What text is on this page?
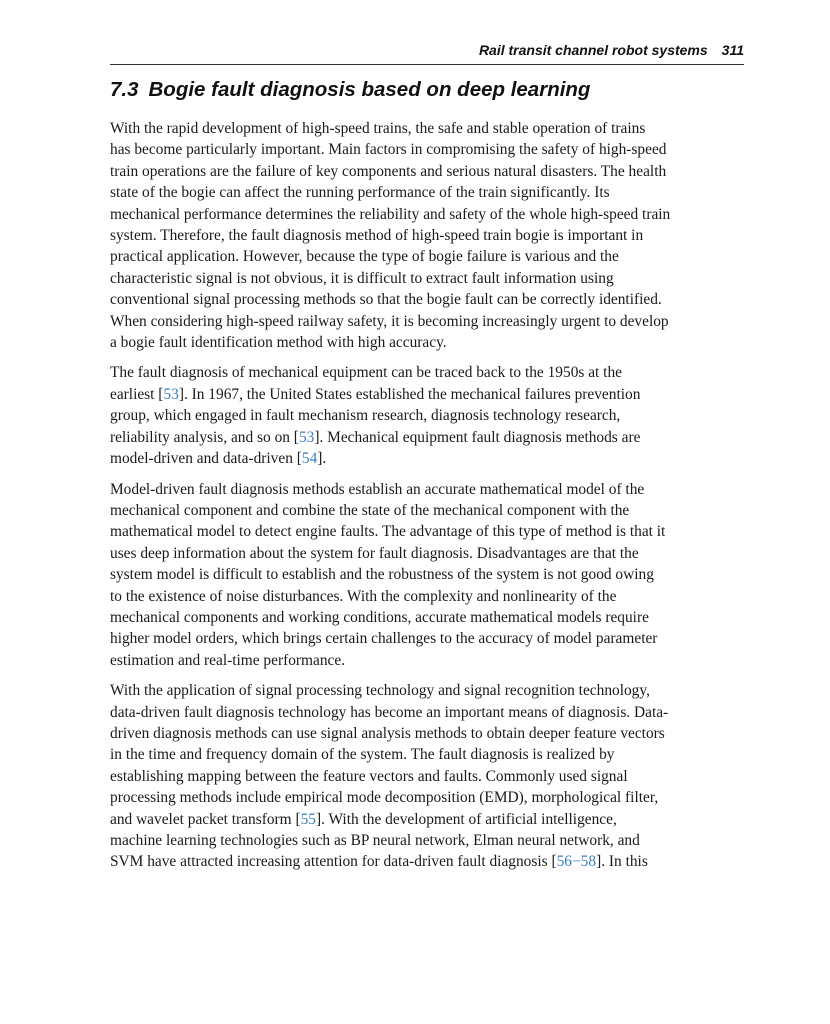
Rail transit channel robot systems 311
7.3 Bogie fault diagnosis based on deep learning

With the rapid development of high-speed trains, the safe and stable operation of trains
has become particularly important. Main factors in compromising the safety of high-speed
train operations are the failure of key components and serious natural disasters. The health
state of the bogie can affect the running performance of the train significantly. Its
mechanical performance determines the reliability and safety of the whole high-speed train
system. Therefore, the fault diagnosis method of high-speed train bogie is important in
practical application. However, because the type of bogie failure is various and the
characteristic signal is not obvious, it is difficult to extract fault information using
conventional signal processing methods so that the bogie fault can be correctly identified.
When considering high-speed railway safety, it is becoming increasingly urgent to develop
a bogie fault identification method with high accuracy.

The fault diagnosis of mechanical equipment can be traced back to the 1950s at the
earliest [53]. In 1967, the United States established the mechanical failures prevention
group, which engaged in fault mechanism research, diagnosis technology research,
reliability analysis, and so on [53]. Mechanical equipment fault diagnosis methods are
model-driven and data-driven [54].

Model-driven fault diagnosis methods establish an accurate mathematical model of the
mechanical component and combine the state of the mechanical component with the
mathematical model to detect engine faults. The advantage of this type of method is that it
uses deep information about the system for fault diagnosis. Disadvantages are that the
system model is difficult to establish and the robustness of the system is not good owing
to the existence of noise disturbances. With the complexity and nonlinearity of the
mechanical components and working conditions, accurate mathematical models require
higher model orders, which brings certain challenges to the accuracy of model parameter
estimation and real-time performance.

With the application of signal processing technology and signal recognition technology,
data-driven fault diagnosis technology has become an important means of diagnosis. Data-
driven diagnosis methods can use signal analysis methods to obtain deeper feature vectors
in the time and frequency domain of the system. The fault diagnosis is realized by
establishing mapping between the feature vectors and faults. Commonly used signal
processing methods include empirical mode decomposition (EMD), morphological filter,
and wavelet packet transform [55]. With the development of artificial intelligence,
machine learning technologies such as BP neural network, Elman neural network, and
SVM have attracted increasing attention for data-driven fault diagnosis [56−58]. In this
